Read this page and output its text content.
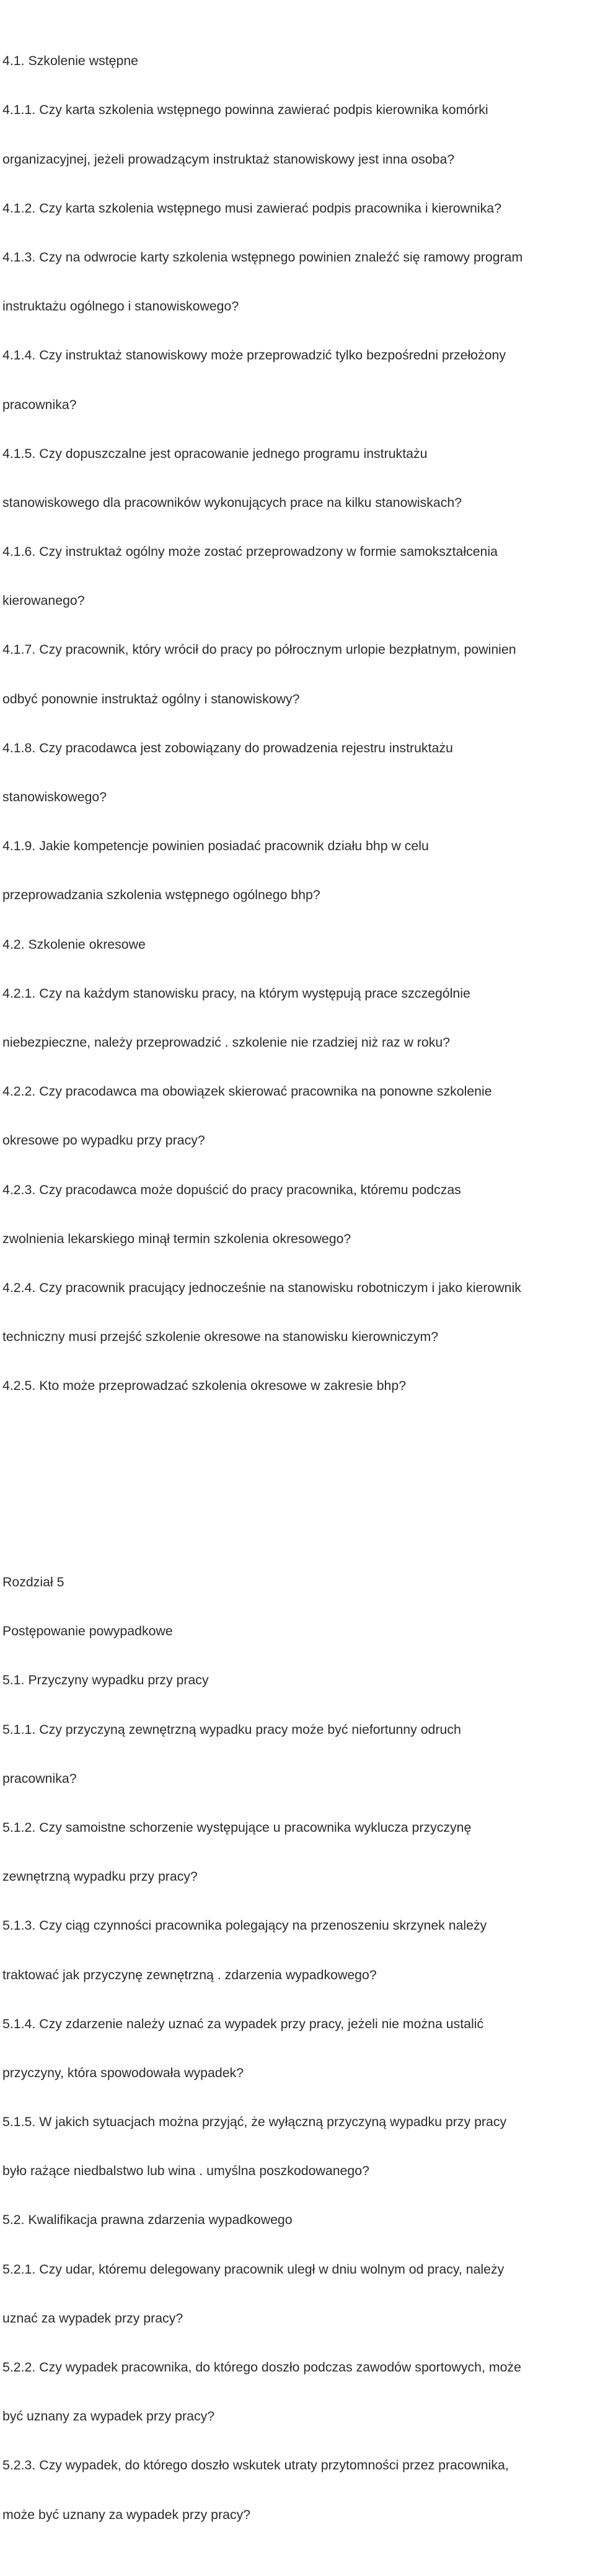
4.1. Szkolenie wstępne

4.1.1. Czy karta szkolenia wstępnego powinna zawierać podpis kierownika komórki

organizacyjnej, jeżeli prowadzącym instruktaż stanowiskowy jest inna osoba?

4.1.2. Czy karta szkolenia wstępnego musi zawierać podpis pracownika i kierownika?

4.1.3. Czy na odwrocie karty szkolenia wstępnego powinien znaleźć się ramowy program

instruktażu ogólnego i stanowiskowego?

4.1.4. Czy instruktaż stanowiskowy może przeprowadzić tylko bezpośredni przełożony

pracownika?

4.1.5. Czy dopuszczalne jest opracowanie jednego programu instruktażu

stanowiskowego dla pracowników wykonujących prace na kilku stanowiskach?

4.1.6. Czy instruktaż ogólny może zostać przeprowadzony w formie samokształcenia

kierowanego?

4.1.7. Czy pracownik, który wrócił do pracy po półrocznym urlopie bezpłatnym, powinien

odbyć ponownie instruktaż ogólny i stanowiskowy?

4.1.8. Czy pracodawca jest zobowiązany do prowadzenia rejestru instruktażu

stanowiskowego?

4.1.9. Jakie kompetencje powinien posiadać pracownik działu bhp w celu

przeprowadzania szkolenia wstępnego ogólnego bhp?

4.2. Szkolenie okresowe

4.2.1. Czy na każdym stanowisku pracy, na którym występują prace szczególnie

niebezpieczne, należy przeprowadzić . szkolenie nie rzadziej niż raz w roku?

4.2.2. Czy pracodawca ma obowiązek skierować pracownika na ponowne szkolenie

okresowe po wypadku przy pracy?

4.2.3. Czy pracodawca może dopuścić do pracy pracownika, któremu podczas

zwolnienia lekarskiego minął termin szkolenia okresowego?

4.2.4. Czy pracownik pracujący jednocześnie na stanowisku robotniczym i jako kierownik

techniczny musi przejść szkolenie okresowe na stanowisku kierowniczym?

4.2.5. Kto może przeprowadzać szkolenia okresowe w zakresie bhp?

Rozdział 5

Postępowanie powypadkowe

5.1. Przyczyny wypadku przy pracy

5.1.1. Czy przyczyną zewnętrzną wypadku pracy może być niefortunny odruch

pracownika?

5.1.2. Czy samoistne schorzenie występujące u pracownika wyklucza przyczynę

zewnętrzną wypadku przy pracy?

5.1.3. Czy ciąg czynności pracownika polegający na przenoszeniu skrzynek należy

traktować jak przyczynę zewnętrzną . zdarzenia wypadkowego?

5.1.4. Czy zdarzenie należy uznać za wypadek przy pracy, jeżeli nie można ustalić

przyczyny, która spowodowała wypadek?

5.1.5. W jakich sytuacjach można przyjąć, że wyłączną przyczyną wypadku przy pracy

było rażące niedbalstwo lub wina . umyślna poszkodowanego?

5.2. Kwalifikacja prawna zdarzenia wypadkowego

5.2.1. Czy udar, któremu delegowany pracownik uległ w dniu wolnym od pracy, należy

uznać za wypadek przy pracy?

5.2.2. Czy wypadek pracownika, do którego doszło podczas zawodów sportowych, może

być uznany za wypadek przy pracy?

5.2.3. Czy wypadek, do którego doszło wskutek utraty przytomności przez pracownika,

może być uznany za wypadek przy pracy?
